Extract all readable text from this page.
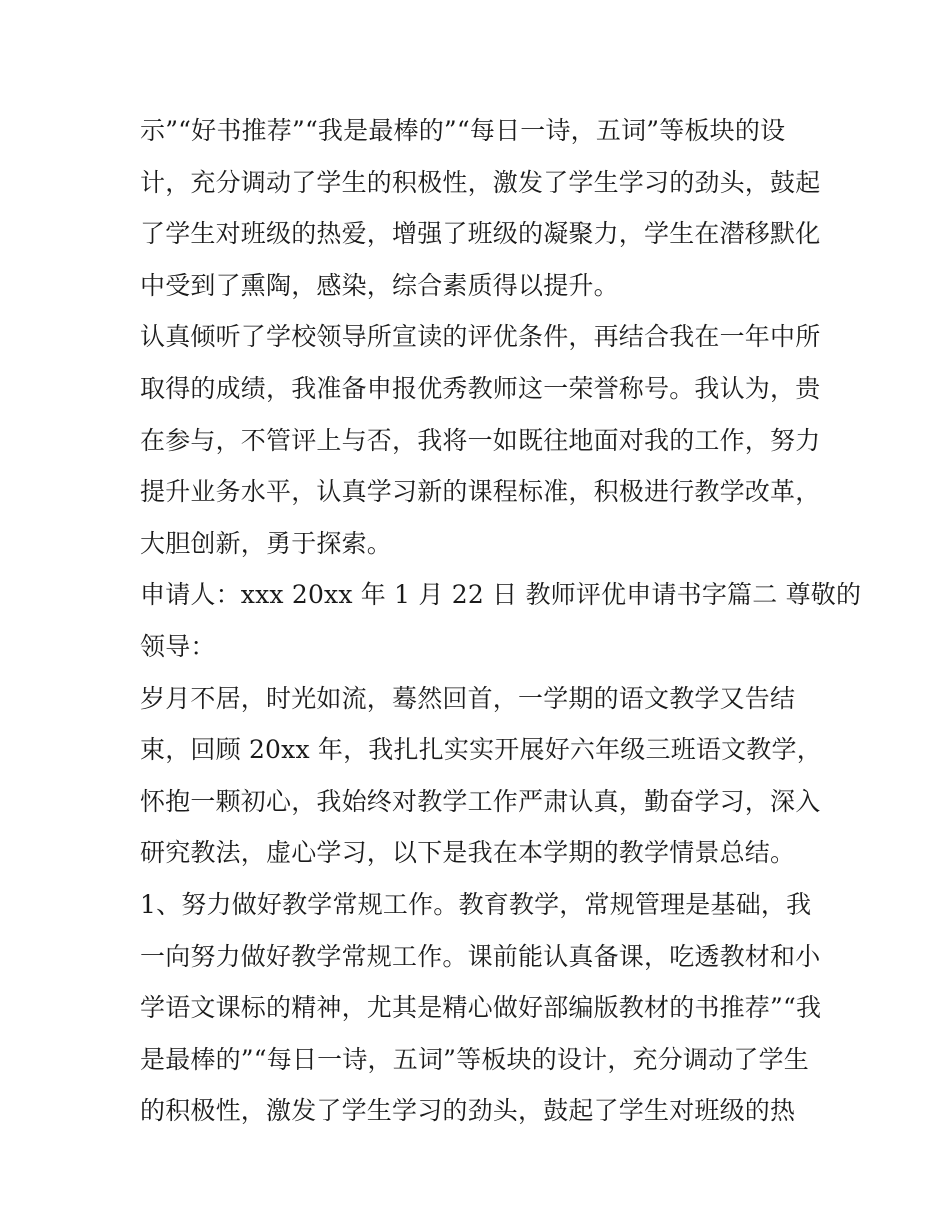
示”“好书推荐”“我是最棒的”“每日一诗，五词”等板块的设
计，充分调动了学生的积极性，激发了学生学习的劲头，鼓起
了学生对班级的热爱，增强了班级的凝聚力，学生在潜移默化
中受到了熏陶，感染，综合素质得以提升。
认真倾听了学校领导所宣读的评优条件，再结合我在一年中所
取得的成绩，我准备申报优秀教师这一荣誉称号。我认为，贵
在参与，不管评上与否，我将一如既往地面对我的工作，努力
提升业务水平，认真学习新的课程标准，积极进行教学改革，
大胆创新，勇于探索。
申请人：xxx 20xx 年 1 月 22 日 教师评优申请书字篇二 尊敬的
领导：
岁月不居，时光如流，蓦然回首，一学期的语文教学又告结
束，回顾 20xx 年，我扎扎实实开展好六年级三班语文教学，
怀抱一颗初心，我始终对教学工作严肃认真，勤奋学习，深入
研究教法，虚心学习，以下是我在本学期的教学情景总结。
1、努力做好教学常规工作。教育教学，常规管理是基础，我
一向努力做好教学常规工作。课前能认真备课，吃透教材和小
学语文课标的精神，尤其是精心做好部编版教材的书推荐”“我
是最棒的”“每日一诗，五词”等板块的设计，充分调动了学生
的积极性，激发了学生学习的劲头，鼓起了学生对班级的热
